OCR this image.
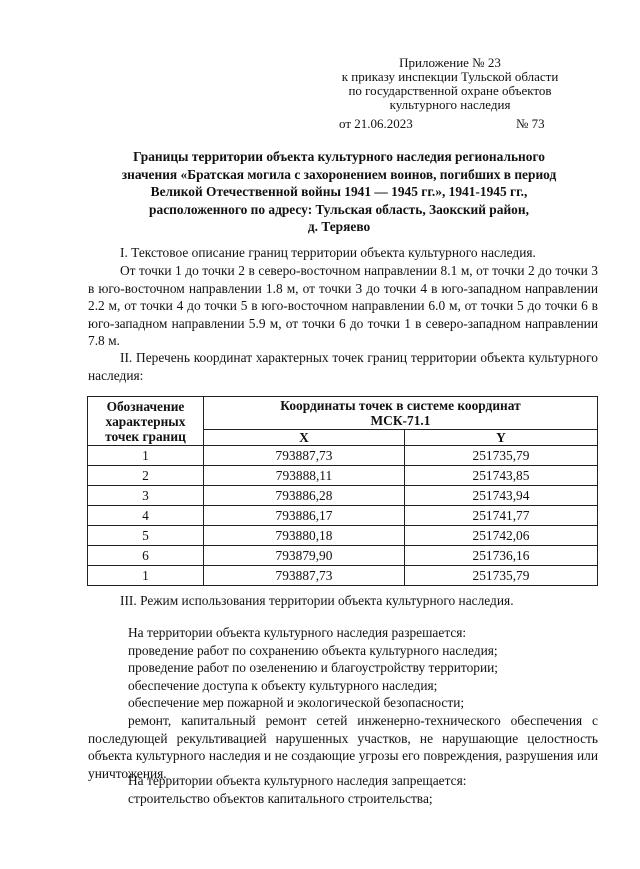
Приложение № 23
к приказу инспекции Тульской области
по государственной охране объектов
культурного наследия
от 21.06.2023	№ 73
Границы территории объекта культурного наследия регионального
значения «Братская могила с захоронением воинов, погибших в период
Великой Отечественной войны 1941 — 1945 гг.», 1941-1945 гг.,
расположенного по адресу: Тульская область, Заокский район,
д. Теряево
I. Текстовое описание границ территории объекта культурного наследия.
От точки 1 до точки 2 в северо-восточном направлении 8.1 м, от точки 2 до точки 3 в юго-восточном направлении 1.8 м, от точки 3 до точки 4 в юго-западном направлении 2.2 м, от точки 4 до точки 5 в юго-восточном направлении 6.0 м, от точки 5 до точки 6 в юго-западном направлении 5.9 м, от точки 6 до точки 1 в северо-западном направлении 7.8 м.
II. Перечень координат характерных точек границ территории объекта культурного наследия:
Обозначение характерных точек границ	Координаты точек в системе координат
МСК-71.1	

	X	Y
1	793887,73	251735,79
2	793888,11	251743,85
3	793886,28	251743,94
4	793886,17	251741,77
5	793880,18	251742,06
6	793879,90	251736,16
1	793887,73	251735,79
III. Режим использования территории объекта культурного наследия.
На территории объекта культурного наследия разрешается:
проведение работ по сохранению объекта культурного наследия;
проведение работ по озеленению и благоустройству территории;
обеспечение доступа к объекту культурного наследия;
обеспечение мер пожарной и экологической безопасности;
ремонт, капитальный ремонт сетей инженерно-технического обеспечения с последующей рекультивацией нарушенных участков, не нарушающие целостность объекта культурного наследия и не создающие угрозы его повреждения, разрушения или уничтожения.
На территории объекта культурного наследия запрещается:
строительство объектов капитального строительства;
